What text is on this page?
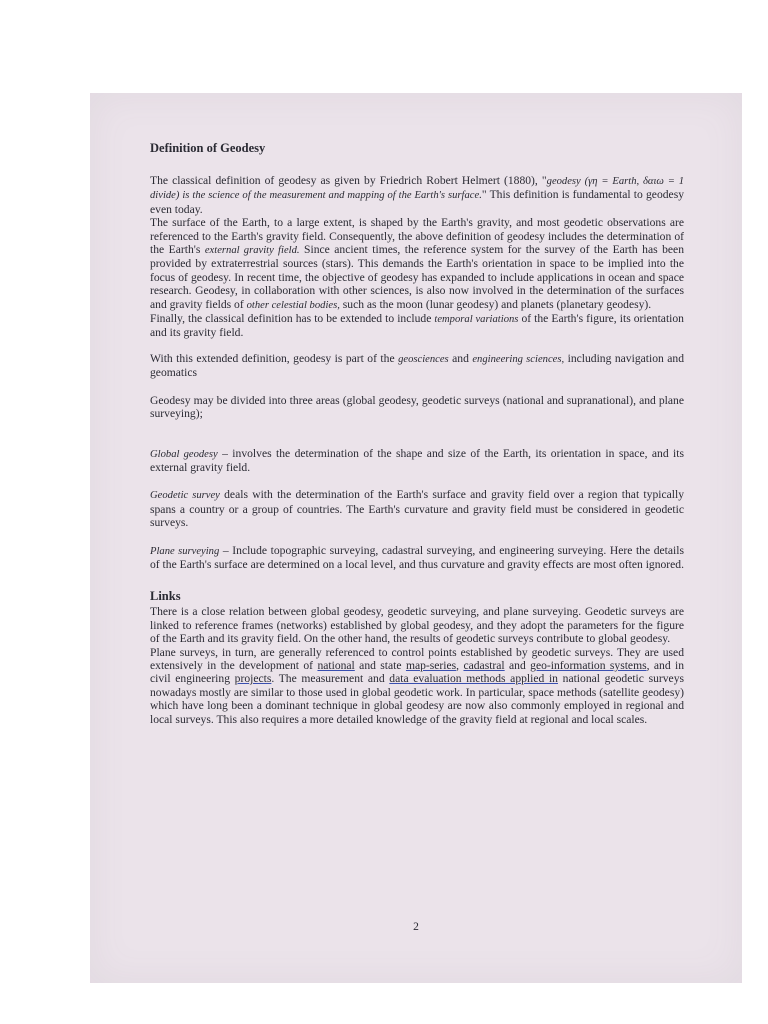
Definition of Geodesy

The classical definition of geodesy as given by Friedrich Robert Helmert (1880), "geodesy (γη = Earth, δαιω = 1 divide) is the science of the measurement and mapping of the Earth's surface." This definition is fundamental to geodesy even today.

The surface of the Earth, to a large extent, is shaped by the Earth's gravity, and most geodetic observations are referenced to the Earth's gravity field. Consequently, the above definition of geodesy includes the determination of the Earth's external gravity field. Since ancient times, the reference system for the survey of the Earth has been provided by extraterrestrial sources (stars). This demands the Earth's orientation in space to be implied into the focus of geodesy. In recent time, the objective of geodesy has expanded to include applications in ocean and space research. Geodesy, in collaboration with other sciences, is also now involved in the determination of the surfaces and gravity fields of other celestial bodies, such as the moon (lunar geodesy) and planets (planetary geodesy).

Finally, the classical definition has to be extended to include temporal variations of the Earth's figure, its orientation and its gravity field.

With this extended definition, geodesy is part of the geosciences and engineering sciences, including navigation and geomatics

Geodesy may be divided into three areas (global geodesy, geodetic surveys (national and supranational), and plane surveying);

Global geodesy – involves the determination of the shape and size of the Earth, its orientation in space, and its external gravity field.

Geodetic survey deals with the determination of the Earth's surface and gravity field over a region that typically spans a country or a group of countries. The Earth's curvature and gravity field must be considered in geodetic surveys.

Plane surveying – Include topographic surveying, cadastral surveying, and engineering surveying. Here the details of the Earth's surface are determined on a local level, and thus curvature and gravity effects are most often ignored.

Links

There is a close relation between global geodesy, geodetic surveying, and plane surveying. Geodetic surveys are linked to reference frames (networks) established by global geodesy, and they adopt the parameters for the figure of the Earth and its gravity field. On the other hand, the results of geodetic surveys contribute to global geodesy.

Plane surveys, in turn, are generally referenced to control points established by geodetic surveys. They are used extensively in the development of national and state map-series, cadastral and geo-information systems, and in civil engineering projects. The measurement and data evaluation methods applied in national geodetic surveys nowadays mostly are similar to those used in global geodetic work. In particular, space methods (satellite geodesy) which have long been a dominant technique in global geodesy are now also commonly employed in regional and local surveys. This also requires a more detailed knowledge of the gravity field at regional and local scales.

2
